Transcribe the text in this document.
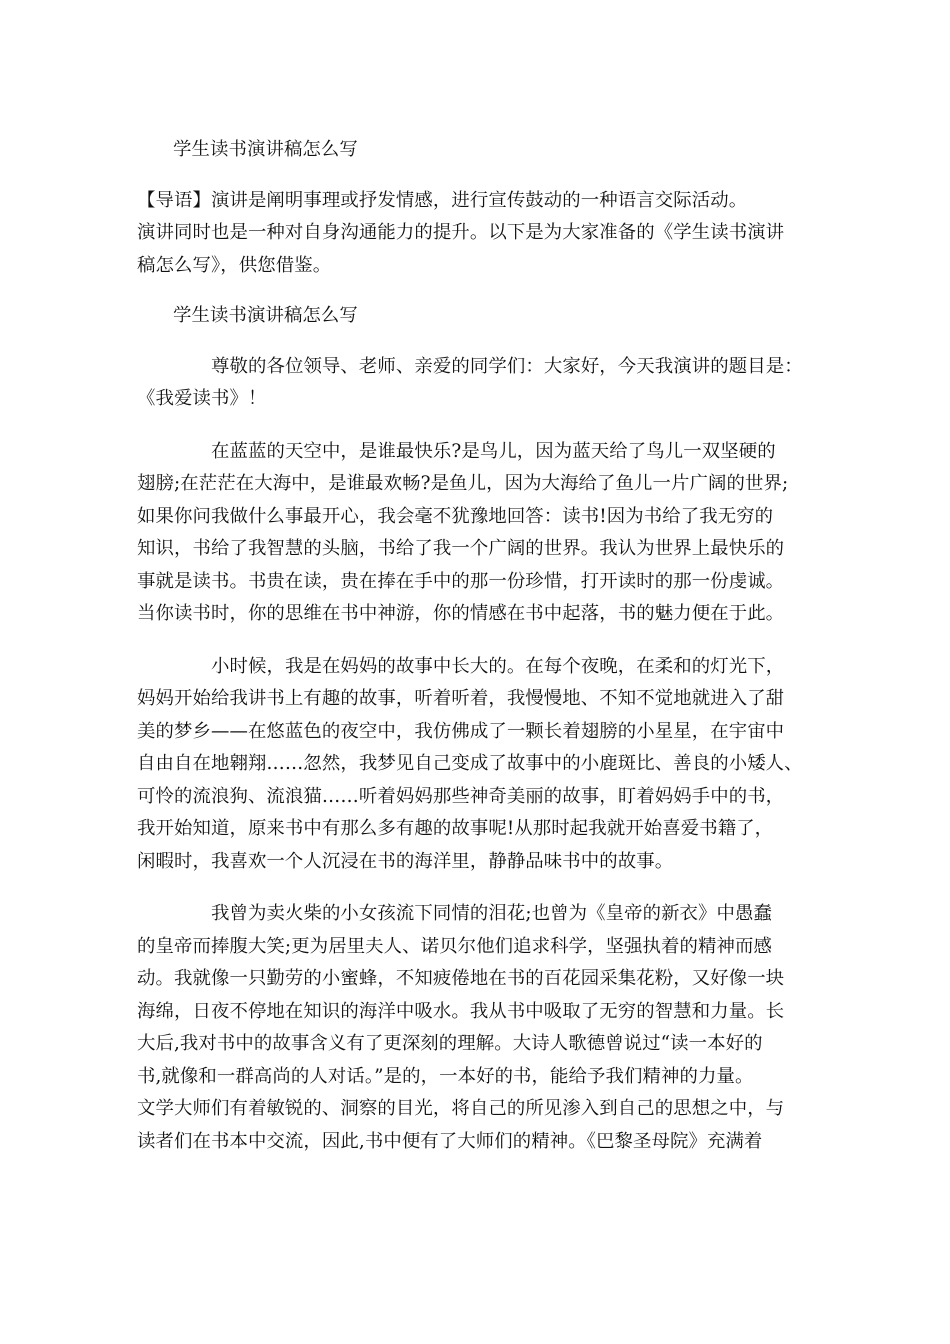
学生读书演讲稿怎么写

【导语】演讲是阐明事理或抒发情感，进行宣传鼓动的一种语言交际活动。
演讲同时也是一种对自身沟通能力的提升。以下是为大家准备的《学生读书演讲
稿怎么写》，供您借鉴。

学生读书演讲稿怎么写

尊敬的各位领导、老师、亲爱的同学们：大家好，今天我演讲的题目是：
《我爱读书》！

在蓝蓝的天空中，是谁最快乐?是鸟儿，因为蓝天给了鸟儿一双坚硬的
翅膀;在茫茫在大海中，是谁最欢畅?是鱼儿，因为大海给了鱼儿一片广阔的世界;
如果你问我做什么事最开心，我会毫不犹豫地回答：读书!因为书给了我无穷的
知识，书给了我智慧的头脑，书给了我一个广阔的世界。我认为世界上最快乐的
事就是读书。书贵在读，贵在捧在手中的那一份珍惜，打开读时的那一份虔诚。
当你读书时，你的思维在书中神游，你的情感在书中起落，书的魅力便在于此。

小时候，我是在妈妈的故事中长大的。在每个夜晚，在柔和的灯光下，
妈妈开始给我讲书上有趣的故事，听着听着，我慢慢地、不知不觉地就进入了甜
美的梦乡——在悠蓝色的夜空中，我仿佛成了一颗长着翅膀的小星星，在宇宙中
自由自在地翱翔……忽然，我梦见自己变成了故事中的小鹿斑比、善良的小矮人、
可怜的流浪狗、流浪猫……听着妈妈那些神奇美丽的故事，盯着妈妈手中的书，
我开始知道，原来书中有那么多有趣的故事呢!从那时起我就开始喜爱书籍了，
闲暇时，我喜欢一个人沉浸在书的海洋里，静静品味书中的故事。

我曾为卖火柴的小女孩流下同情的泪花;也曾为《皇帝的新衣》中愚蠢
的皇帝而捧腹大笑;更为居里夫人、诺贝尔他们追求科学，坚强执着的精神而感
动。我就像一只勤劳的小蜜蜂，不知疲倦地在书的百花园采集花粉，又好像一块
海绵，日夜不停地在知识的海洋中吸水。我从书中吸取了无穷的智慧和力量。长
大后,我对书中的故事含义有了更深刻的理解。大诗人歌德曾说过“读一本好的
书,就像和一群高尚的人对话。”是的，一本好的书，能给予我们精神的力量。
文学大师们有着敏锐的、洞察的目光，将自己的所见渗入到自己的思想之中，与
读者们在书本中交流，因此,书中便有了大师们的精神。《巴黎圣母院》充满着
